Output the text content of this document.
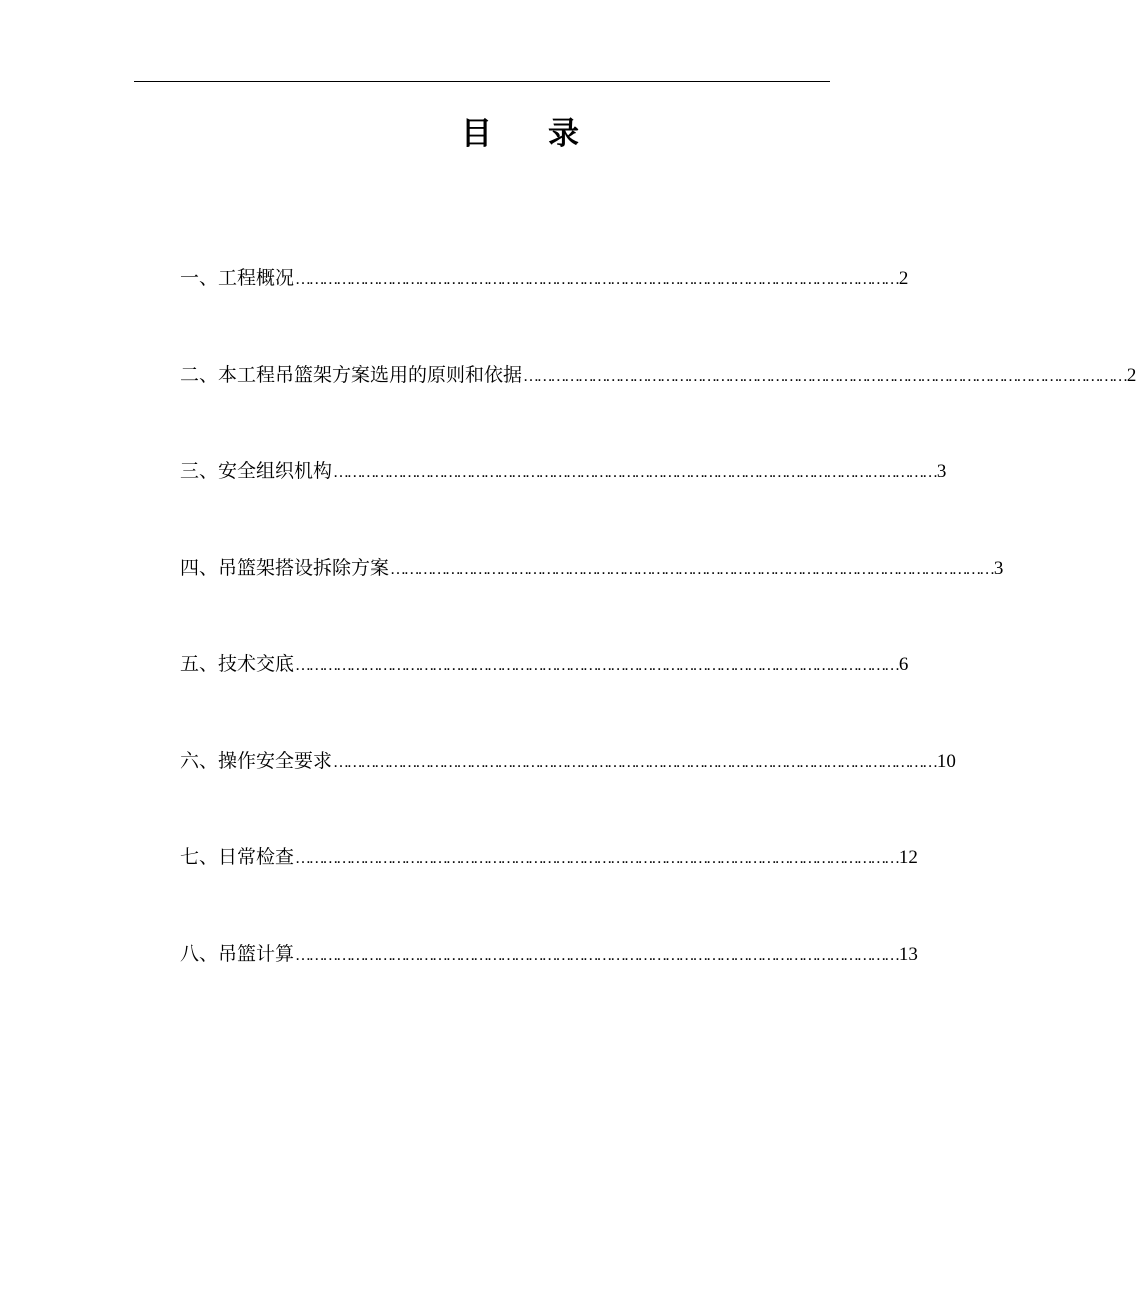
目 录
一、工程概况 …………………………………………………………………………………………………………………… 2
二、本工程吊篮架方案选用的原则和依据 …………………………………………………………………………………………………………………… 2
三、安全组织机构 …………………………………………………………………………………………………………………… 3
四、吊篮架搭设拆除方案 …………………………………………………………………………………………………………………… 3
五、技术交底 …………………………………………………………………………………………………………………… 6
六、操作安全要求 …………………………………………………………………………………………………………………… 10
七、日常检查 …………………………………………………………………………………………………………………… 12
八、吊篮计算 …………………………………………………………………………………………………………………… 13
